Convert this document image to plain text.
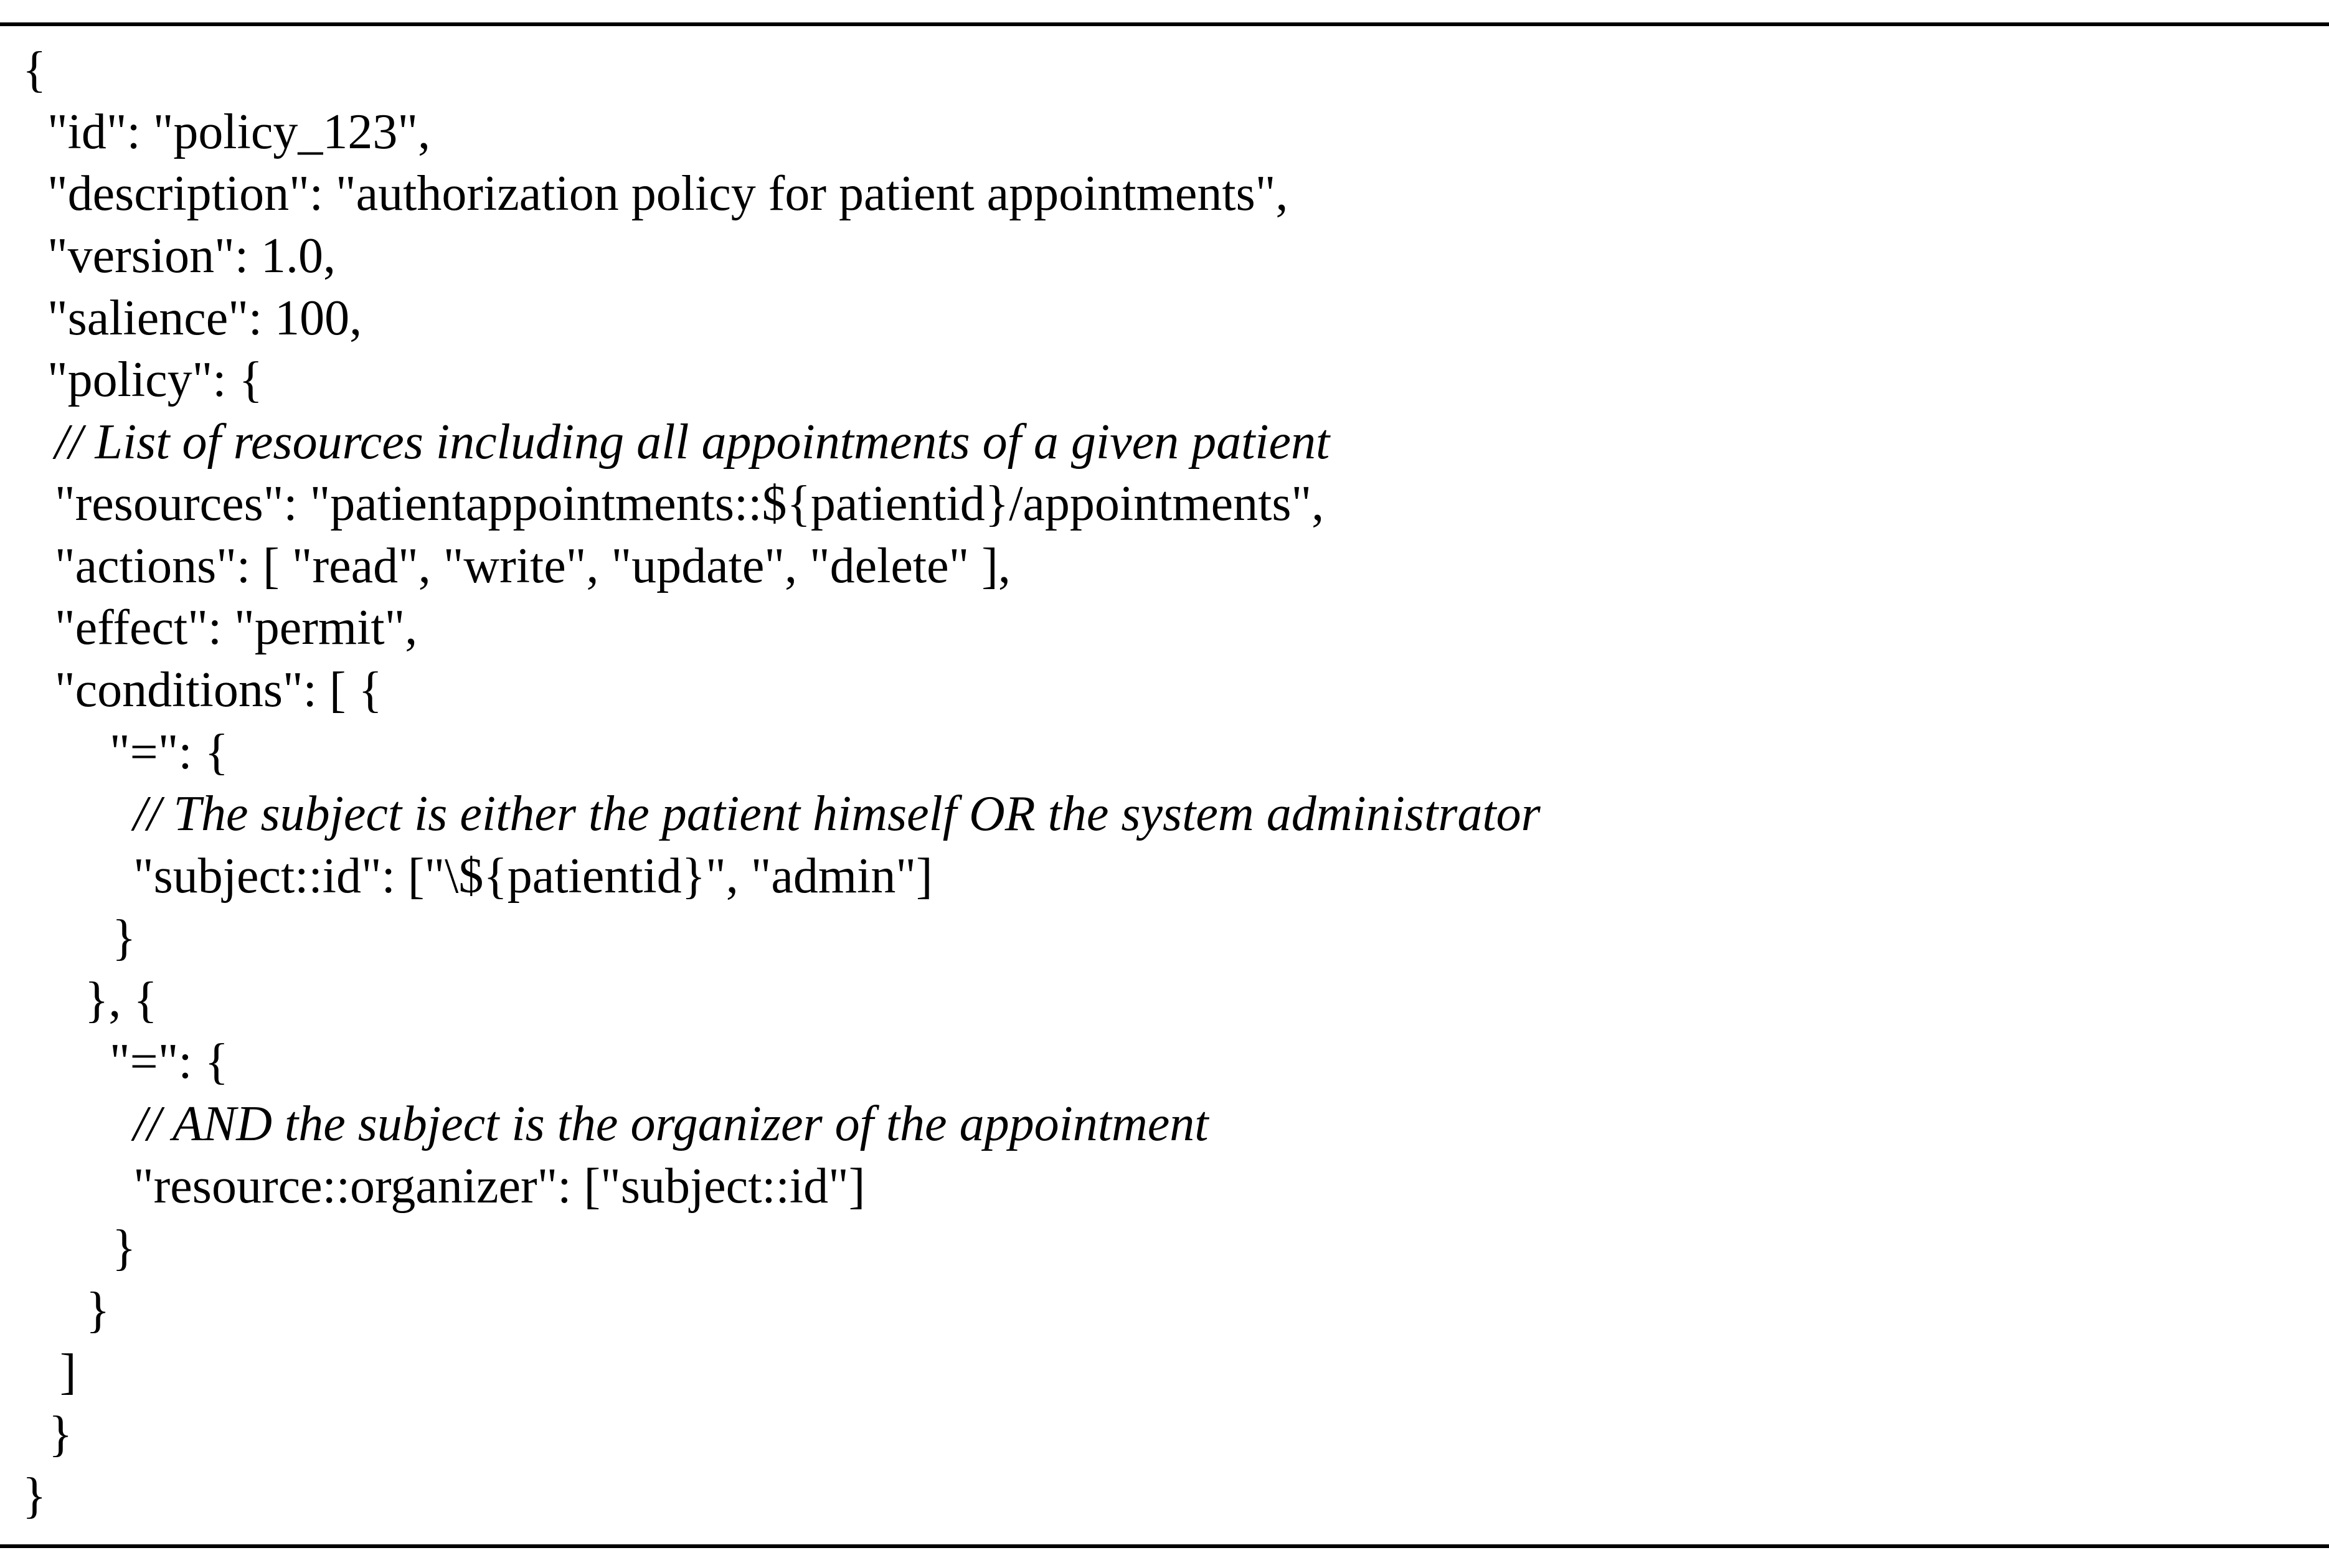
{
"id": "policy_123",
"description": "authorization policy for patient appointments",
"version": 1.0,
"salience": 100,
"policy": {
// List of resources including all appointments of a given patient
"resources": "patientappointments::${patientid}/appointments",
"actions": [ "read", "write", "update", "delete" ],
"effect": "permit",
"conditions": [ {
"=": {
// The subject is either the patient himself OR the system administrator
"subject::id": ["\${patientid}", "admin"]
}
}, {
"=": {
// AND the subject is the organizer of the appointment
"resource::organizer": ["subject::id"]
}
}
]
}
}
